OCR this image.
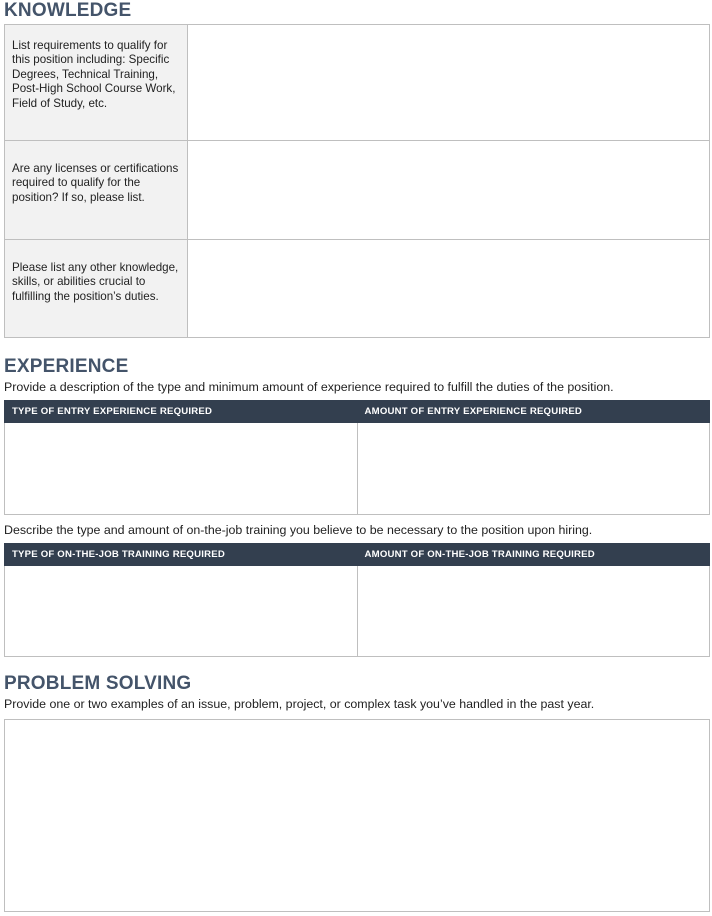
KNOWLEDGE
List requirements to qualify for this position including: Specific Degrees, Technical Training, Post-High School Course Work, Field of Study, etc.	

Are any licenses or certifications required to qualify for the position? If so, please list.	

Please list any other knowledge, skills, or abilities crucial to fulfilling the position’s duties.	

EXPERIENCE
Provide a description of the type and minimum amount of experience required to fulfill the duties of the position.
TYPE OF ENTRY EXPERIENCE REQUIRED	AMOUNT OF ENTRY EXPERIENCE REQUIRED

Describe the type and amount of on-the-job training you believe to be necessary to the position upon hiring.
TYPE OF ON-THE-JOB TRAINING REQUIRED	AMOUNT OF ON-THE-JOB TRAINING REQUIRED

PROBLEM SOLVING
Provide one or two examples of an issue, problem, project, or complex task you’ve handled in the past year.
